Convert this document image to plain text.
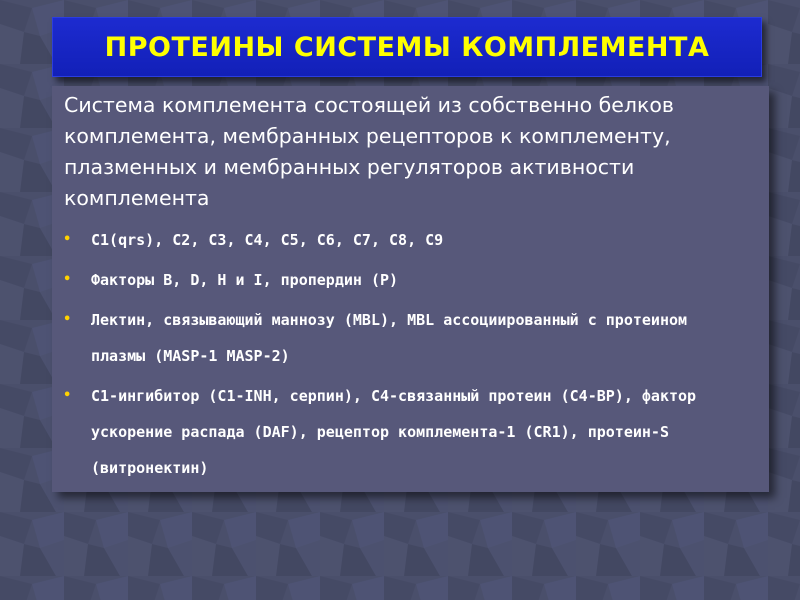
ПРОТЕИНЫ СИСТЕМЫ КОМПЛЕМЕНТА
Система комплемента состоящей из собственно белков комплемента, мембранных рецепторов к комплементу, плазменных и мембранных регуляторов активности комплемента
• C1(qrs), C2, C3, C4, C5, C6, C7, C8, C9
• Факторы B, D, H и I, пропердин (P)
• Лектин, связывающий маннозу (MBL), MBL ассоциированный с протеином плазмы (MASP-1 MASP-2)
• C1-ингибитор (C1-INH, серпин), C4-связанный протеин (C4-BP), фактор ускорение распада (DAF), рецептор комплемента-1 (CR1), протеин-S (витронектин)
